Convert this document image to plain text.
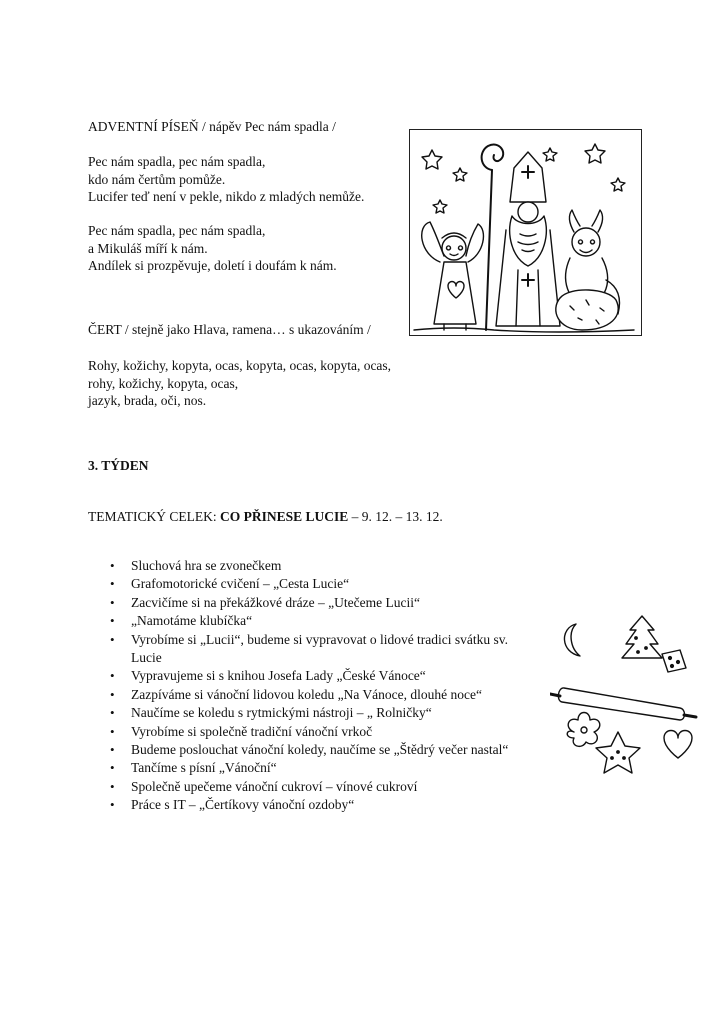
ADVENTNÍ PÍSEŇ / nápěv Pec nám spadla /
Pec nám spadla, pec nám spadla,
kdo nám čertům pomůže.
Lucifer teď není v pekle, nikdo z mladých nemůže.
Pec nám spadla, pec nám spadla,
a Mikuláš míří k nám.
Andílek si prozpěvuje, doletí i doufám k nám.
ČERT / stejně jako Hlava, ramena… s ukazováním /
Rohy, kožichy, kopyta, ocas, kopyta, ocas, kopyta, ocas,
rohy, kožichy, kopyta, ocas,
jazyk, brada, oči, nos.
3. TÝDEN
TEMATICKÝ CELEK: CO PŘINESE LUCIE – 9. 12. – 13. 12.
• Sluchová hra se zvonečkem
• Grafomotorické cvičení – „Cesta Lucie“
• Zacvičíme si na překážkové dráze – „Utečeme Lucii“
• „Namotáme klubíčka“
• Vyrobíme si „Lucii“, budeme si vypravovat o lidové tradici svátku sv. Lucie
• Vypravujeme si s knihou Josefa Lady „České Vánoce“
• Zazpíváme si vánoční lidovou koledu „Na Vánoce, dlouhé noce“
• Naučíme se koledu s rytmickými nástroji – „ Rolničky“
• Vyrobíme si společně tradiční vánoční vrkoč
• Budeme poslouchat vánoční koledy, naučíme se „Štědrý večer nastal“
• Tančíme s písní „Vánoční“
• Společně upečeme vánoční cukroví – vínové cukroví
• Práce s IT – „Čertíkovy vánoční ozdoby“
